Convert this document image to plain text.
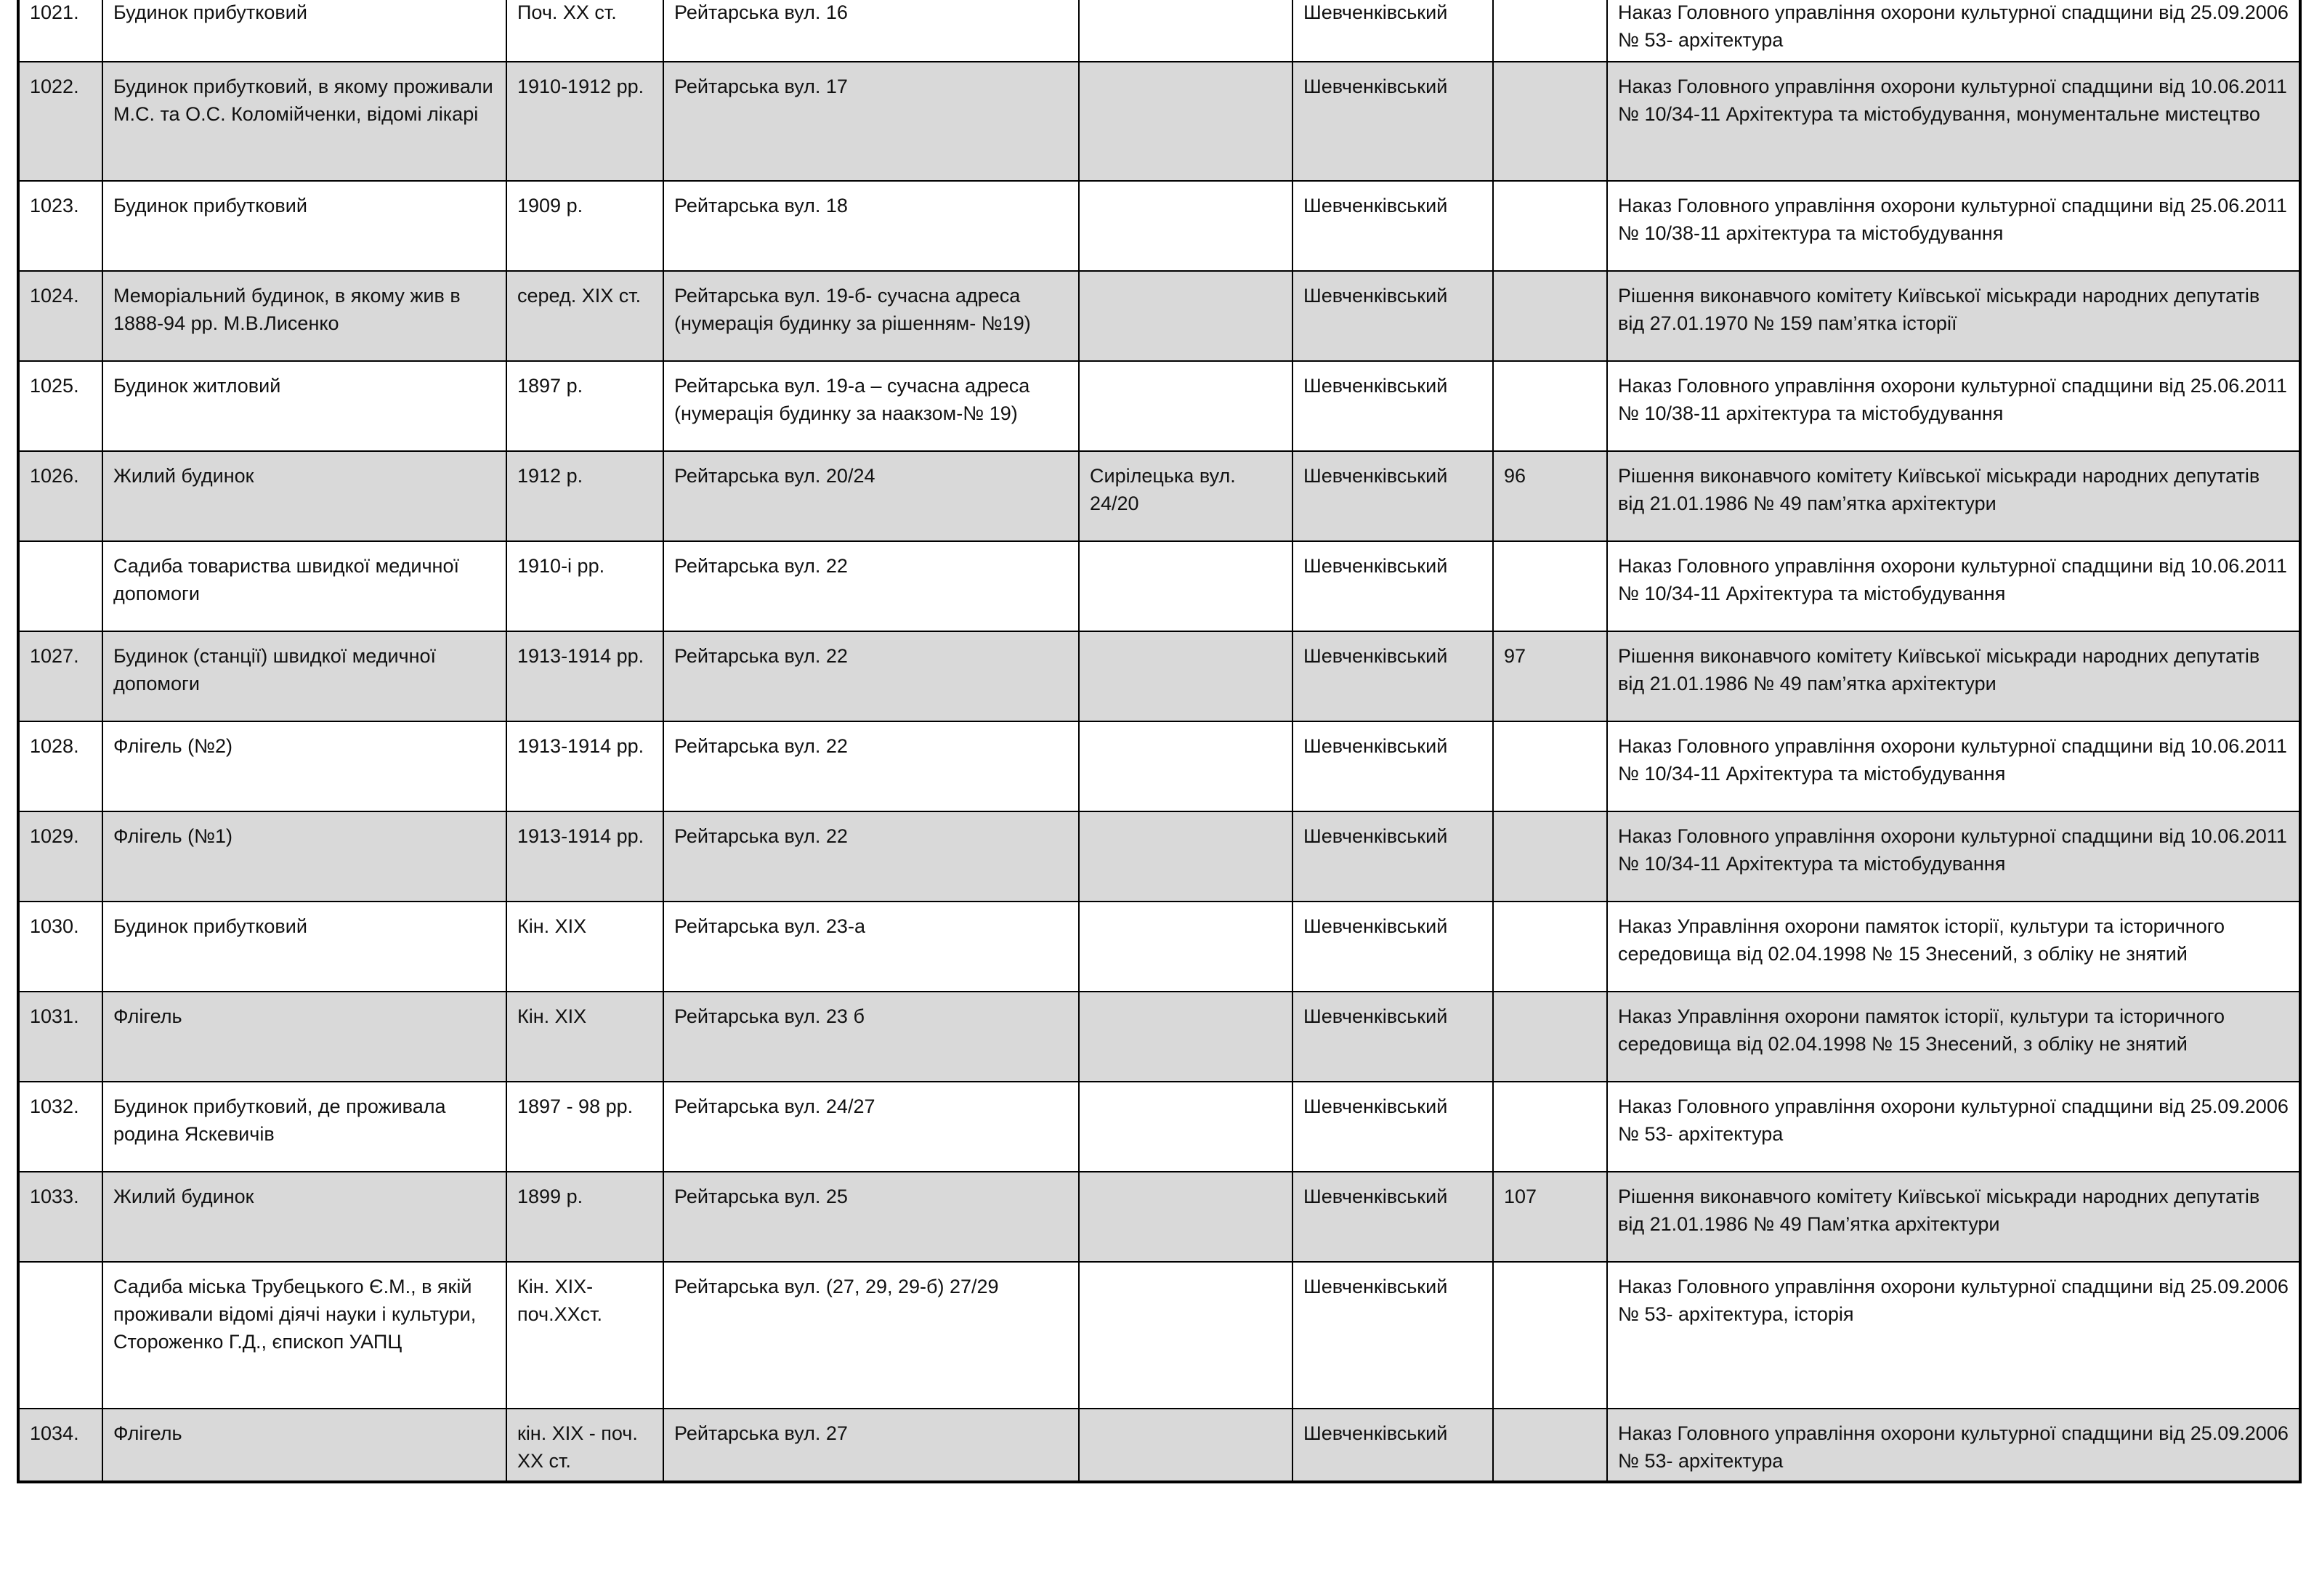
1021.	Будинок прибутковий	Поч. ХХ ст.	Рейтарська вул. 16		Шевченківський		Наказ Головного управління охорони культурної спадщини від 25.09.2006 № 53- архітектура
1022.	Будинок прибутковий, в якому проживали М.С. та О.С. Коломійченки, відомі лікарі	1910-1912 рр.	Рейтарська вул. 17		Шевченківський		Наказ Головного управління охорони культурної спадщини від 10.06.2011 № 10/34-11 Архітектура та містобудування, монументальне мистецтво
1023.	Будинок прибутковий	1909 р.	Рейтарська вул. 18		Шевченківський		Наказ Головного управління охорони культурної спадщини від 25.06.2011 № 10/38-11 архітектура та містобудування
1024.	Меморіальний будинок, в якому жив в 1888-94 рр. М.В.Лисенко	серед. ХІХ ст.	Рейтарська вул. 19-б- сучасна адреса (нумерація будинку за рішенням- №19)		Шевченківський		Рішення виконавчого комітету Київської міськради народних депутатів від 27.01.1970 № 159 пам’ятка історії
1025.	Будинок житловий	1897 р.	Рейтарська вул. 19-а – сучасна адреса (нумерація будинку за наакзом-№ 19)		Шевченківський		Наказ Головного управління охорони культурної спадщини від 25.06.2011 № 10/38-11 архітектура та містобудування
1026.	Жилий будинок	1912 р.	Рейтарська вул. 20/24	Сирілецька вул. 24/20	Шевченківський	96	Рішення виконавчого комітету Київської міськради народних депутатів від 21.01.1986 № 49 пам’ятка архітектури
	Садиба товариства швидкої медичної допомоги	1910-і рр.	Рейтарська вул. 22		Шевченківський		Наказ Головного управління охорони культурної спадщини від 10.06.2011 № 10/34-11 Архітектура та містобудування
1027.	Будинок (станції) швидкої медичної допомоги	1913-1914 рр.	Рейтарська вул. 22		Шевченківський	97	Рішення виконавчого комітету Київської міськради народних депутатів від 21.01.1986 № 49 пам’ятка архітектури
1028.	Флігель (№2)	1913-1914 рр.	Рейтарська вул. 22		Шевченківський		Наказ Головного управління охорони культурної спадщини від 10.06.2011 № 10/34-11 Архітектура та містобудування
1029.	Флігель (№1)	1913-1914 рр.	Рейтарська вул. 22		Шевченківський		Наказ Головного управління охорони культурної спадщини від 10.06.2011 № 10/34-11 Архітектура та містобудування
1030.	Будинок прибутковий	Кін. ХІХ	Рейтарська вул. 23-а		Шевченківський		Наказ Управління охорони памяток історії, культури та історичного середовища від 02.04.1998 № 15 Знесений, з обліку не знятий
1031.	Флігель	Кін. ХІХ	Рейтарська вул. 23 б		Шевченківський		Наказ Управління охорони памяток історії, культури та історичного середовища від 02.04.1998 № 15 Знесений, з обліку не знятий
1032.	Будинок прибутковий, де проживала родина Яскевичів	1897 - 98 рр.	Рейтарська вул. 24/27		Шевченківський		Наказ Головного управління охорони культурної спадщини від 25.09.2006 № 53- архітектура
1033.	Жилий будинок	1899 р.	Рейтарська вул. 25		Шевченківський	107	Рішення виконавчого комітету Київської міськради народних депутатів від 21.01.1986 № 49 Пам’ятка архітектури
	Садиба міська Трубецького Є.М., в якій проживали відомі діячі науки і культури, Стороженко Г.Д., єпископ УАПЦ	Кін. ХІХ- поч.ХХст.	Рейтарська вул. (27, 29, 29-б) 27/29		Шевченківський		Наказ Головного управління охорони культурної спадщини від 25.09.2006 № 53- архітектура, історія
1034.	Флігель	кін. ХІХ - поч. ХХ ст.	Рейтарська вул. 27		Шевченківський		Наказ Головного управління охорони культурної спадщини від 25.09.2006 № 53- архітектура
